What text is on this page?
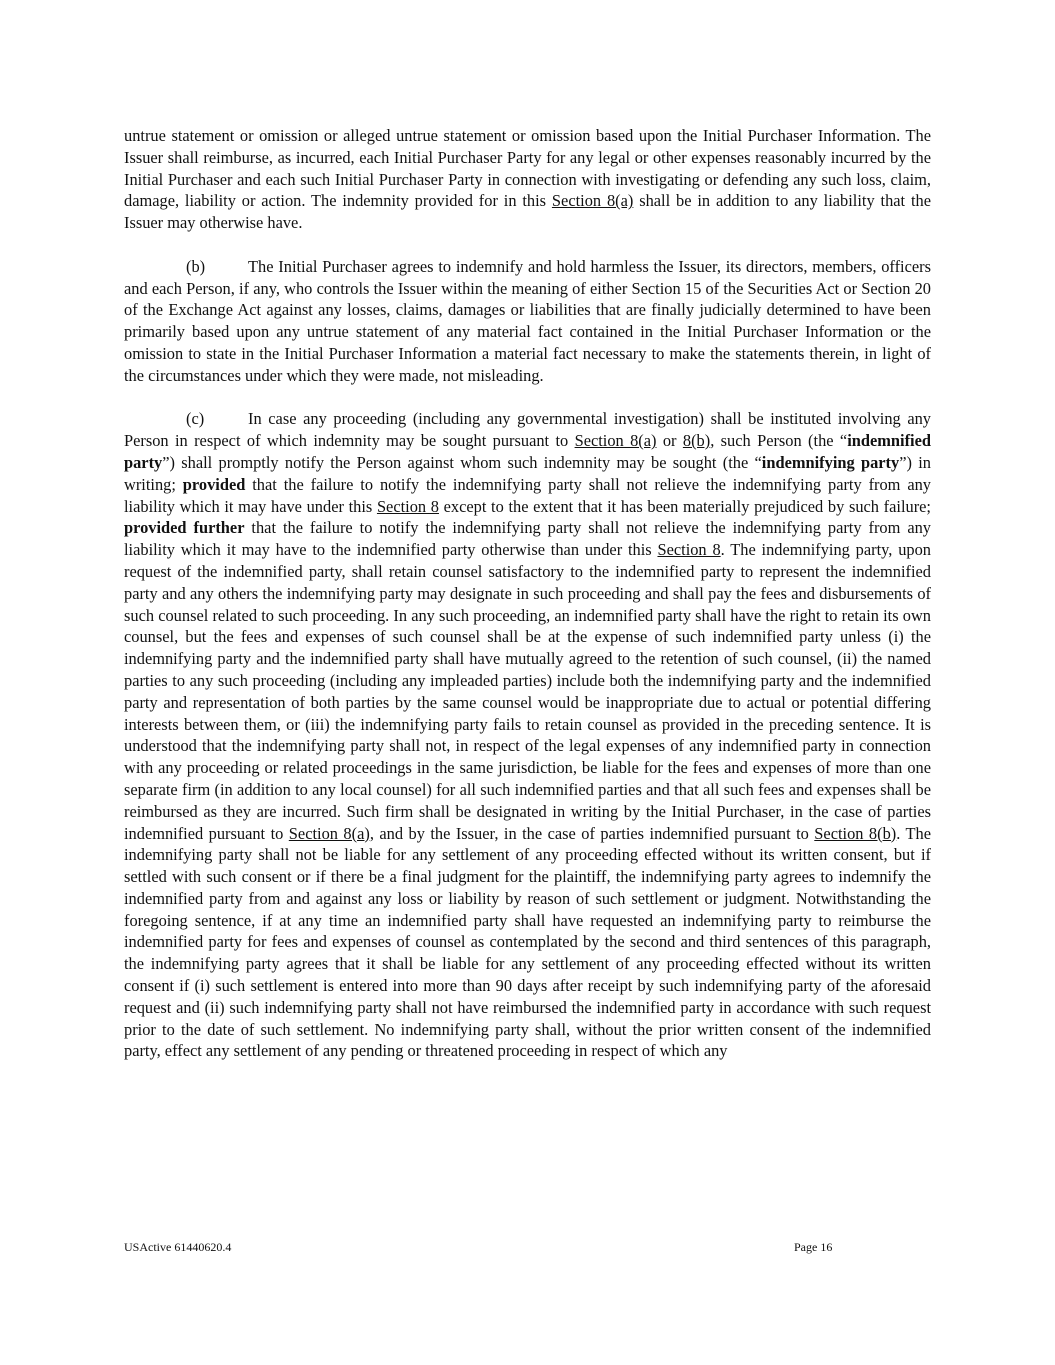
untrue statement or omission or alleged untrue statement or omission based upon the Initial Purchaser Information. The Issuer shall reimburse, as incurred, each Initial Purchaser Party for any legal or other expenses reasonably incurred by the Initial Purchaser and each such Initial Purchaser Party in connection with investigating or defending any such loss, claim, damage, liability or action. The indemnity provided for in this Section 8(a) shall be in addition to any liability that the Issuer may otherwise have.

(b)	The Initial Purchaser agrees to indemnify and hold harmless the Issuer, its directors, members, officers and each Person, if any, who controls the Issuer within the meaning of either Section 15 of the Securities Act or Section 20 of the Exchange Act against any losses, claims, damages or liabilities that are finally judicially determined to have been primarily based upon any untrue statement of any material fact contained in the Initial Purchaser Information or the omission to state in the Initial Purchaser Information a material fact necessary to make the statements therein, in light of the circumstances under which they were made, not misleading.

(c)	In case any proceeding (including any governmental investigation) shall be instituted involving any Person in respect of which indemnity may be sought pursuant to Section 8(a) or 8(b), such Person (the “indemnified party”) shall promptly notify the Person against whom such indemnity may be sought (the “indemnifying party”) in writing; provided that the failure to notify the indemnifying party shall not relieve the indemnifying party from any liability which it may have under this Section 8 except to the extent that it has been materially prejudiced by such failure; provided further that the failure to notify the indemnifying party shall not relieve the indemnifying party from any liability which it may have to the indemnified party otherwise than under this Section 8. The indemnifying party, upon request of the indemnified party, shall retain counsel satisfactory to the indemnified party to represent the indemnified party and any others the indemnifying party may designate in such proceeding and shall pay the fees and disbursements of such counsel related to such proceeding. In any such proceeding, an indemnified party shall have the right to retain its own counsel, but the fees and expenses of such counsel shall be at the expense of such indemnified party unless (i) the indemnifying party and the indemnified party shall have mutually agreed to the retention of such counsel, (ii) the named parties to any such proceeding (including any impleaded parties) include both the indemnifying party and the indemnified party and representation of both parties by the same counsel would be inappropriate due to actual or potential differing interests between them, or (iii) the indemnifying party fails to retain counsel as provided in the preceding sentence. It is understood that the indemnifying party shall not, in respect of the legal expenses of any indemnified party in connection with any proceeding or related proceedings in the same jurisdiction, be liable for the fees and expenses of more than one separate firm (in addition to any local counsel) for all such indemnified parties and that all such fees and expenses shall be reimbursed as they are incurred. Such firm shall be designated in writing by the Initial Purchaser, in the case of parties indemnified pursuant to Section 8(a), and by the Issuer, in the case of parties indemnified pursuant to Section 8(b). The indemnifying party shall not be liable for any settlement of any proceeding effected without its written consent, but if settled with such consent or if there be a final judgment for the plaintiff, the indemnifying party agrees to indemnify the indemnified party from and against any loss or liability by reason of such settlement or judgment. Notwithstanding the foregoing sentence, if at any time an indemnified party shall have requested an indemnifying party to reimburse the indemnified party for fees and expenses of counsel as contemplated by the second and third sentences of this paragraph, the indemnifying party agrees that it shall be liable for any settlement of any proceeding effected without its written consent if (i) such settlement is entered into more than 90 days after receipt by such indemnifying party of the aforesaid request and (ii) such indemnifying party shall not have reimbursed the indemnified party in accordance with such request prior to the date of such settlement. No indemnifying party shall, without the prior written consent of the indemnified party, effect any settlement of any pending or threatened proceeding in respect of which any

USActive 61440620.4	Page 16
